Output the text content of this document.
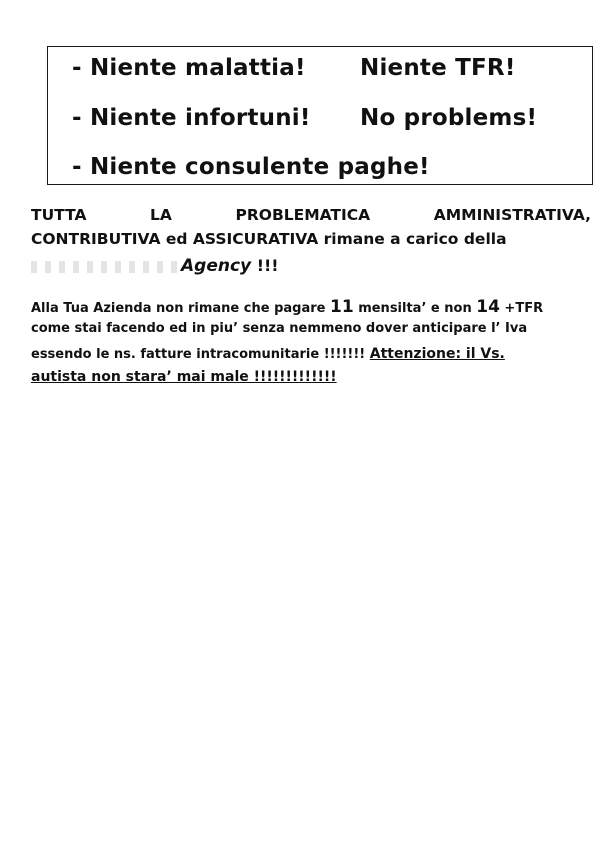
- Niente malattia! Niente TFR!
- Niente infortuni! No problems!
- Niente consulente paghe!
TUTTA	LA	PROBLEMATICA	AMMINISTRATIVA,
CONTRIBUTIVA ed ASSICURATIVA rimane a carico della
Agency !!!
Alla Tua Azienda non rimane che pagare 11 mensilta’ e non 14 +TFR
come stai facendo ed in piu’ senza nemmeno dover anticipare l’ Iva
essendo le ns. fatture intracomunitarie !!!!!!! Attenzione: il Vs.
autista non stara’ mai male !!!!!!!!!!!!!
